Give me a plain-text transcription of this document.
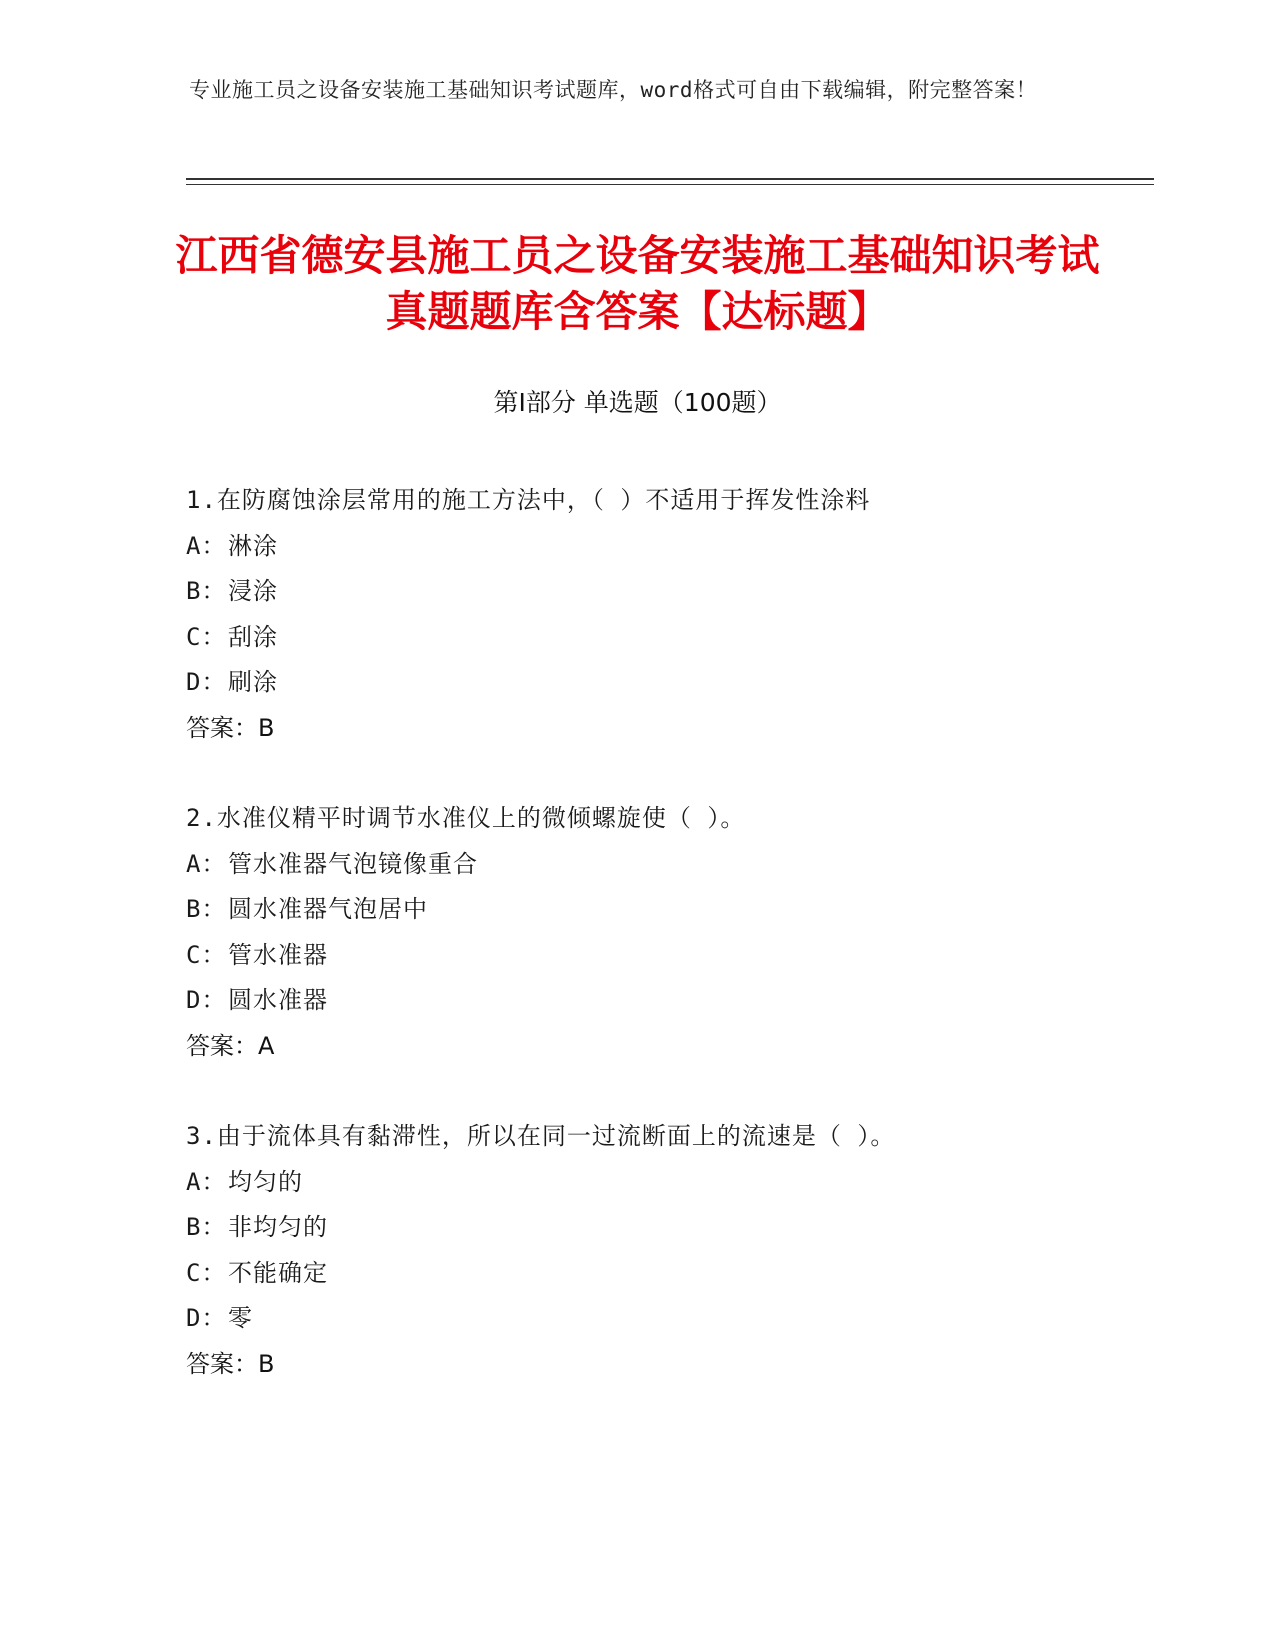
专业施工员之设备安装施工基础知识考试题库，word格式可自由下载编辑，附完整答案！
江西省德安县施工员之设备安装施工基础知识考试真题题库含答案【达标题】
第I部分 单选题（100题）
1.在防腐蚀涂层常用的施工方法中，（ ）不适用于挥发性涂料
A：淋涂
B：浸涂
C：刮涂
D：刷涂
答案：B
2.水准仪精平时调节水准仪上的微倾螺旋使（ ）。
A：管水准器气泡镜像重合
B：圆水准器气泡居中
C：管水准器
D：圆水准器
答案：A
3.由于流体具有黏滞性，所以在同一过流断面上的流速是（ ）。
A：均匀的
B：非均匀的
C：不能确定
D：零
答案：B
